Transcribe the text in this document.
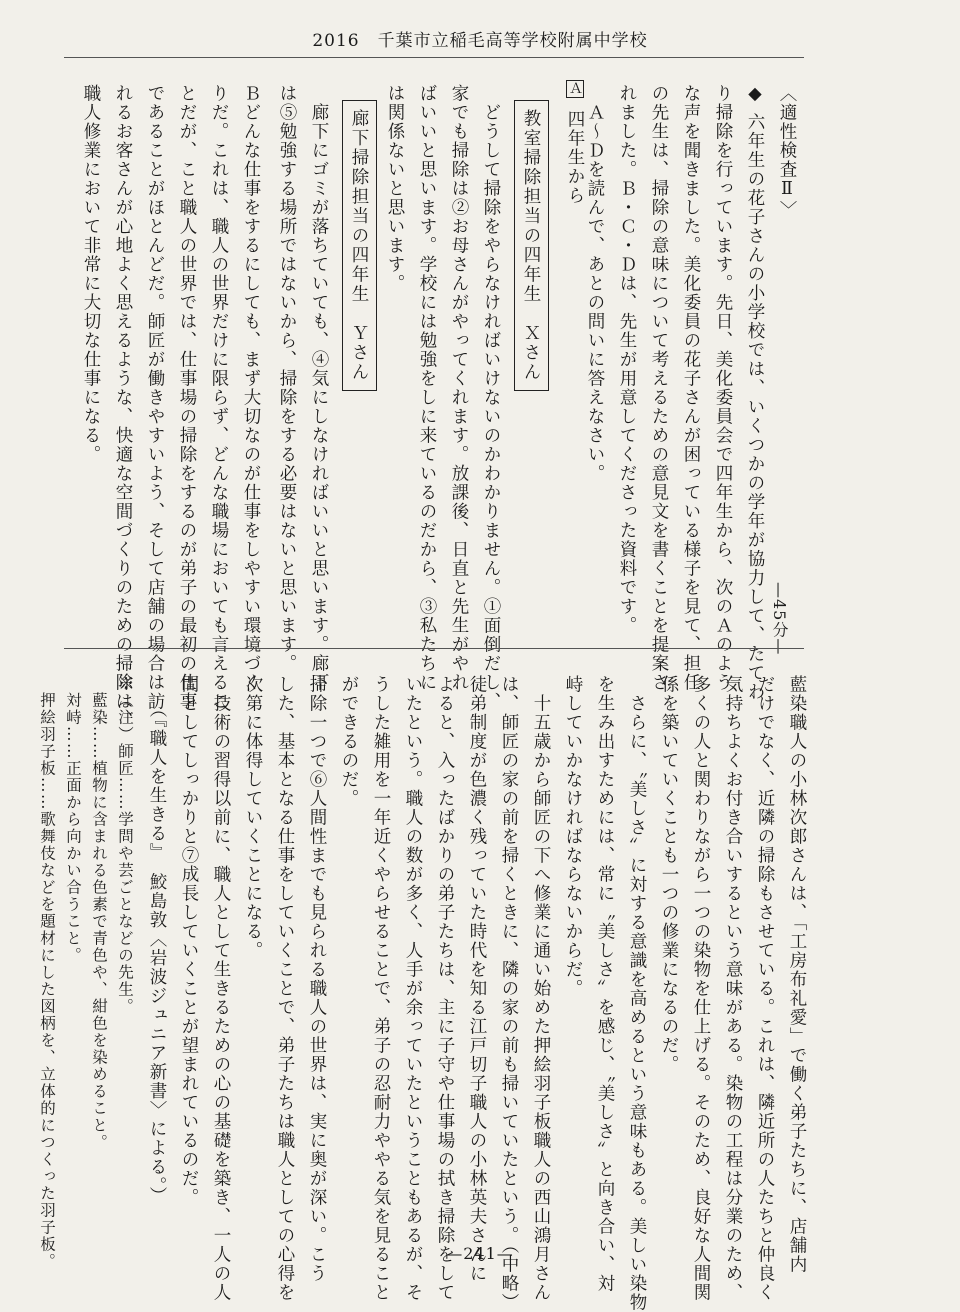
2016　千葉市立稲毛高等学校附属中学校
〈適性検査Ⅱ〉
—45分—
◆ 六年生の花子さんの小学校では、いくつかの学年が協力して、たてわ
り掃除を行っています。先日、美化委員会で四年生から、次のＡのよう
な声を聞きました。美化委員の花子さんが困っている様子を見て、担任
の先生は、掃除の意味について考えるための意見文を書くことを提案さ
れました。Ｂ・Ｃ・Ｄは、先生が用意してくださった資料です。
　Ａ～Ｄを読んで、あとの問いに答えなさい。
Ａ
四年生から
教室掃除担当の四年生　Ｘさん
　どうして掃除をやらなければいけないのかわかりません。①面倒だし、
家でも掃除は②お母さんがやってくれます。放課後、日直と先生がやれ
ばいいと思います。学校には勉強をしに来ているのだから、③私たちに
は関係ないと思います。
廊下掃除担当の四年生　Ｙさん
　廊下にゴミが落ちていても、④気にしなければいいと思います。廊下
は⑤勉強する場所ではないから、掃除をする必要はないと思います。
Ｂどんな仕事をするにしても、まず大切なのが仕事をしやすい環境づく
りだ。これは、職人の世界だけに限らず、どんな職場においても言えるこ
とだが、こと職人の世界では、仕事場の掃除をするのが弟子の最初の仕事
であることがほとんどだ。師匠が働きやすいよう、そして店舗の場合は訪
れるお客さんが心地よく思えるような、快適な空間づくりのための掃除は、
職人修業において非常に大切な仕事になる。
藍染職人の小林次郎さんは、「工房布礼愛」で働く弟子たちに、店舗内
だけでなく、近隣の掃除もさせている。これは、隣近所の人たちと仲良く
気持ちよくお付き合いするという意味がある。染物の工程は分業のため、
多くの人と関わりながら一つの染物を仕上げる。そのため、良好な人間関
係を築いていくことも一つの修業になるのだ。
　さらに、〝美しさ〟に対する意識を高めるという意味もある。美しい染物
を生み出すためには、常に〝美しさ〟を感じ、〝美しさ〟と向き合い、対
峙していかなければならないからだ。
　十五歳から師匠の下へ修業に通い始めた押絵羽子板職人の西山鴻月さん
は、師匠の家の前を掃くときに、隣の家の前も掃いていたという。（中略）
徒弟制度が色濃く残っていた時代を知る江戸切子職人の小林英夫さんに
よると、入ったばかりの弟子たちは、主に子守や仕事場の拭き掃除をして
いたという。職人の数が多く、人手が余っていたということもあるが、そ
うした雑用を一年近くやらせることで、弟子の忍耐力ややる気を見ること
ができるのだ。
掃除一つで⑥人間性までも見られる職人の世界は、実に奥が深い。こう
した、基本となる仕事をしていくことで、弟子たちは職人としての心得を
次第に体得していくことになる。
　技術の習得以前に、職人として生きるための心の基礎を築き、一人の人
間としてしっかりと⑦成長していくことが望まれているのだ。
（『職人を生きる』　鮫島敦〈岩波ジュニア新書〉による。）
※（注）師匠……学問や芸ごとなどの先生。
　藍染……植物に含まれる色素で青色や、紺色を染めること。
　対峙……正面から向かい合うこと。
　押絵羽子板……歌舞伎などを題材にした図柄を、立体的につくった羽子板。	—241—
